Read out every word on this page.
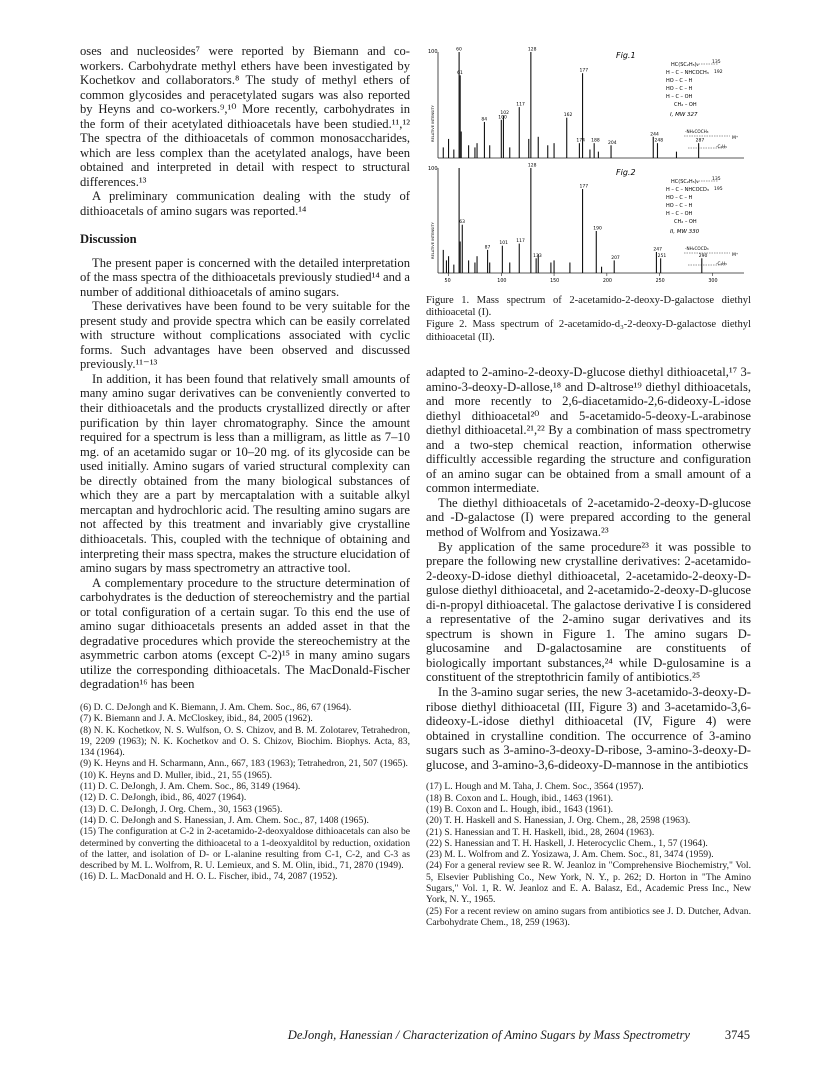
oses and nucleosides⁷ were reported by Biemann and co-workers. Carbohydrate methyl ethers have been investigated by Kochetkov and collaborators.⁸ The study of methyl ethers of common glycosides and peracetylated sugars was also reported by Heyns and co-workers.⁹,¹⁰ More recently, carbohydrates in the form of their acetylated dithioacetals have been studied.¹¹,¹² The spectra of the dithioacetals of common monosaccharides, which are less complex than the acetylated analogs, have been obtained and interpreted in detail with respect to structural differences.¹³

A preliminary communication dealing with the study of dithioacetals of amino sugars was reported.¹⁴

Discussion

The present paper is concerned with the detailed interpretation of the mass spectra of the dithioacetals previously studied¹⁴ and a number of additional dithioacetals of amino sugars.

These derivatives have been found to be very suitable for the present study and provide spectra which can be easily correlated with structure without complications associated with cyclic forms. Such advantages have been observed and discussed previously.¹¹⁻¹³

In addition, it has been found that relatively small amounts of many amino sugar derivatives can be conveniently converted to their dithioacetals and the products crystallized directly or after purification by thin layer chromatography. Since the amount required for a spectrum is less than a milligram, as little as 7–10 mg. of an acetamido sugar or 10–20 mg. of its glycoside can be used initially. Amino sugars of varied structural complexity can be directly obtained from the many biological substances of which they are a part by mercaptalation with a suitable alkyl mercaptan and hydrochloric acid. The resulting amino sugars are not affected by this treatment and invariably give crystalline dithioacetals. This, coupled with the technique of obtaining and interpreting their mass spectra, makes the structure elucidation of amino sugars by mass spectrometry an attractive tool.

A complementary procedure to the structure determination of carbohydrates is the deduction of stereochemistry and the partial or total configuration of a certain sugar. To this end the use of amino sugar dithioacetals presents an added asset in that the degradative procedures which provide the stereochemistry at the asymmetric carbon atoms (except C-2)¹⁵ in many amino sugars utilize the corresponding dithioacetals. The MacDonald-Fischer degradation¹⁶ has been

(6) D. C. DeJongh and K. Biemann, J. Am. Chem. Soc., 86, 67 (1964).

(7) K. Biemann and J. A. McCloskey, ibid., 84, 2005 (1962).

(8) N. K. Kochetkov, N. S. Wulfson, O. S. Chizov, and B. M. Zolotarev, Tetrahedron, 19, 2209 (1963); N. K. Kochetkov and O. S. Chizov, Biochim. Biophys. Acta, 83, 134 (1964).

(9) K. Heyns and H. Scharmann, Ann., 667, 183 (1963); Tetrahedron, 21, 507 (1965).

(10) K. Heyns and D. Muller, ibid., 21, 55 (1965).

(11) D. C. DeJongh, J. Am. Chem. Soc., 86, 3149 (1964).

(12) D. C. DeJongh, ibid., 86, 4027 (1964).

(13) D. C. DeJongh, J. Org. Chem., 30, 1563 (1965).

(14) D. C. DeJongh and S. Hanessian, J. Am. Chem. Soc., 87, 1408 (1965).

(15) The configuration at C-2 in 2-acetamido-2-deoxyaldose dithioacetals can also be determined by converting the dithioacetal to a 1-deoxyalditol by reduction, oxidation of the latter, and isolation of D- or L-alanine resulting from C-1, C-2, and C-3 as described by M. L. Wolfrom, R. U. Lemieux, and S. M. Olin, ibid., 71, 2870 (1949).

(16) D. L. MacDonald and H. O. L. Fischer, ibid., 74, 2087 (1952).

100	Fig.1
RELATIVE INTENSITY
HC(SC₂H₅)₂
H – C – NHCOCH₃
HO – C – H
HO – C – H
H – C – OH
CH₂ – OH
I, MW 327
135
192
-NH₂COCH₃
M⁺
-C₂H₅
60
61
84 100
102
117
128
162
174
177
188 204
244
248	287
100	Fig.2
RELATIVE INTENSITY
HC(SC₂H₅)₂
H – C – NHCOCD₃
HO – C – H
HO – C – H
H – C – OH
CH₂ – OH
II, MW 330
135
195
-NH₂COCD₃
M⁺
-C₂H₅
63
87
101 117
128
133
177
190
207
247
251	290
50	100	150	200	250	300

Figure 1. Mass spectrum of 2-acetamido-2-deoxy-D-galactose diethyl dithioacetal (I).

Figure 2. Mass spectrum of 2-acetamido-d₃-2-deoxy-D-galactose diethyl dithioacetal (II).

adapted to 2-amino-2-deoxy-D-glucose diethyl dithioacetal,¹⁷ 3-amino-3-deoxy-D-allose,¹⁸ and D-altrose¹⁹ diethyl dithioacetals, and more recently to 2,6-diacetamido-2,6-dideoxy-L-idose diethyl dithioacetal²⁰ and 5-acetamido-5-deoxy-L-arabinose diethyl dithioacetal.²¹,²² By a combination of mass spectrometry and a two-step chemical reaction, information otherwise difficultly accessible regarding the structure and configuration of an amino sugar can be obtained from a small amount of a common intermediate.

The diethyl dithioacetals of 2-acetamido-2-deoxy-D-glucose and -D-galactose (I) were prepared according to the general method of Wolfrom and Yosizawa.²³

By application of the same procedure²³ it was possible to prepare the following new crystalline derivatives: 2-acetamido-2-deoxy-D-idose diethyl dithioacetal, 2-acetamido-2-deoxy-D-gulose diethyl dithioacetal, and 2-acetamido-2-deoxy-D-glucose di-n-propyl dithioacetal. The galactose derivative I is considered a representative of the 2-amino sugar derivatives and its spectrum is shown in Figure 1. The amino sugars D-glucosamine and D-galactosamine are constituents of biologically important substances,²⁴ while D-gulosamine is a constituent of the streptothricin family of antibiotics.²⁵

In the 3-amino sugar series, the new 3-acetamido-3-deoxy-D-ribose diethyl dithioacetal (III, Figure 3) and 3-acetamido-3,6-dideoxy-L-idose diethyl dithioacetal (IV, Figure 4) were obtained in crystalline condition. The occurrence of 3-amino sugars such as 3-amino-3-deoxy-D-ribose, 3-amino-3-deoxy-D-glucose, and 3-amino-3,6-dideoxy-D-mannose in the antibiotics

(17) L. Hough and M. Taha, J. Chem. Soc., 3564 (1957).

(18) B. Coxon and L. Hough, ibid., 1463 (1961).

(19) B. Coxon and L. Hough, ibid., 1643 (1961).

(20) T. H. Haskell and S. Hanessian, J. Org. Chem., 28, 2598 (1963).

(21) S. Hanessian and T. H. Haskell, ibid., 28, 2604 (1963).

(22) S. Hanessian and T. H. Haskell, J. Heterocyclic Chem., 1, 57 (1964).

(23) M. L. Wolfrom and Z. Yosizawa, J. Am. Chem. Soc., 81, 3474 (1959).

(24) For a general review see R. W. Jeanloz in "Comprehensive Biochemistry," Vol. 5, Elsevier Publishing Co., New York, N. Y., p. 262; D. Horton in "The Amino Sugars," Vol. 1, R. W. Jeanloz and E. A. Balasz, Ed., Academic Press Inc., New York, N. Y., 1965.

(25) For a recent review on amino sugars from antibiotics see J. D. Dutcher, Advan. Carbohydrate Chem., 18, 259 (1963).

DeJongh, Hanessian / Characterization of Amino Sugars by Mass Spectrometry	3745
